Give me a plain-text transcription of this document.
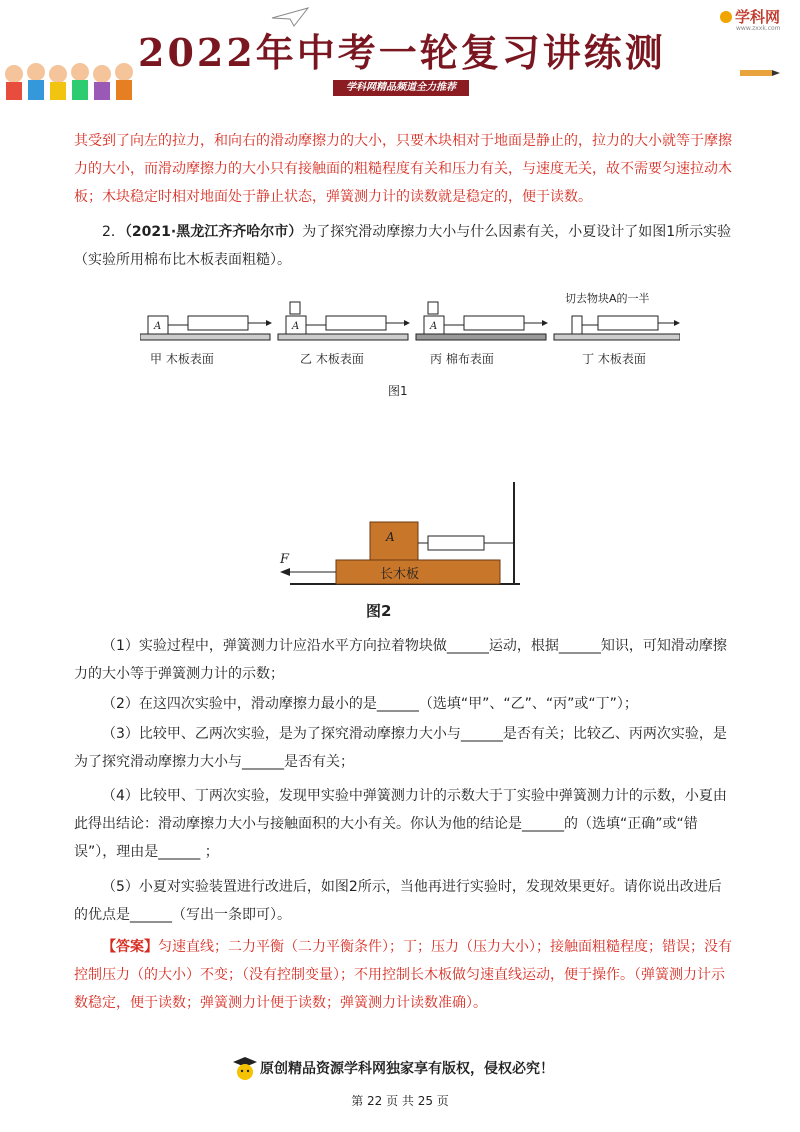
2022年中考一轮复习讲练测
学科网精品频道全力推荐
学科网
www.zxxk.com
其受到了向左的拉力，和向右的滑动摩擦力的大小，只要木块相对于地面是静止的，拉力的大小就等于摩擦力的大小，而滑动摩擦力的大小只有接触面的粗糙程度有关和压力有关，与速度无关，故不需要匀速拉动木板；木块稳定时相对地面处于静止状态，弹簧测力计的读数就是稳定的，便于读数。
2．（2021·黑龙江齐齐哈尔市）为了探究滑动摩擦力大小与什么因素有关，小夏设计了如图1所示实验（实验所用棉布比木板表面粗糙）。
A	A	A
切去物块A的一半
甲 木板表面	乙 木板表面	丙 棉布表面	丁 木板表面
图1
F
A
长木板
图2
（1）实验过程中，弹簧测力计应沿水平方向拉着物块做______运动，根据______知识，可知滑动摩擦力的大小等于弹簧测力计的示数；
（2）在这四次实验中，滑动摩擦力最小的是______（选填“甲”、“乙”、“丙”或“丁”）；
（3）比较甲、乙两次实验，是为了探究滑动摩擦力大小与______是否有关；比较乙、丙两次实验，是为了探究滑动摩擦力大小与______是否有关；
（4）比较甲、丁两次实验，发现甲实验中弹簧测力计的示数大于丁实验中弹簧测力计的示数，小夏由此得出结论：滑动摩擦力大小与接触面积的大小有关。你认为他的结论是______的（选填“正确”或“错误”），理由是______ ；
（5）小夏对实验装置进行改进后，如图2所示，当他再进行实验时，发现效果更好。请你说出改进后的优点是______（写出一条即可）。
【答案】匀速直线；二力平衡（二力平衡条件）；丁；压力（压力大小）；接触面粗糙程度；错误；没有控制压力（的大小）不变；（没有控制变量）；不用控制长木板做匀速直线运动，便于操作。（弹簧测力计示数稳定，便于读数；弹簧测力计便于读数；弹簧测力计读数准确）。
原创精品资源学科网独家享有版权，侵权必究！
第 22 页 共 25 页
